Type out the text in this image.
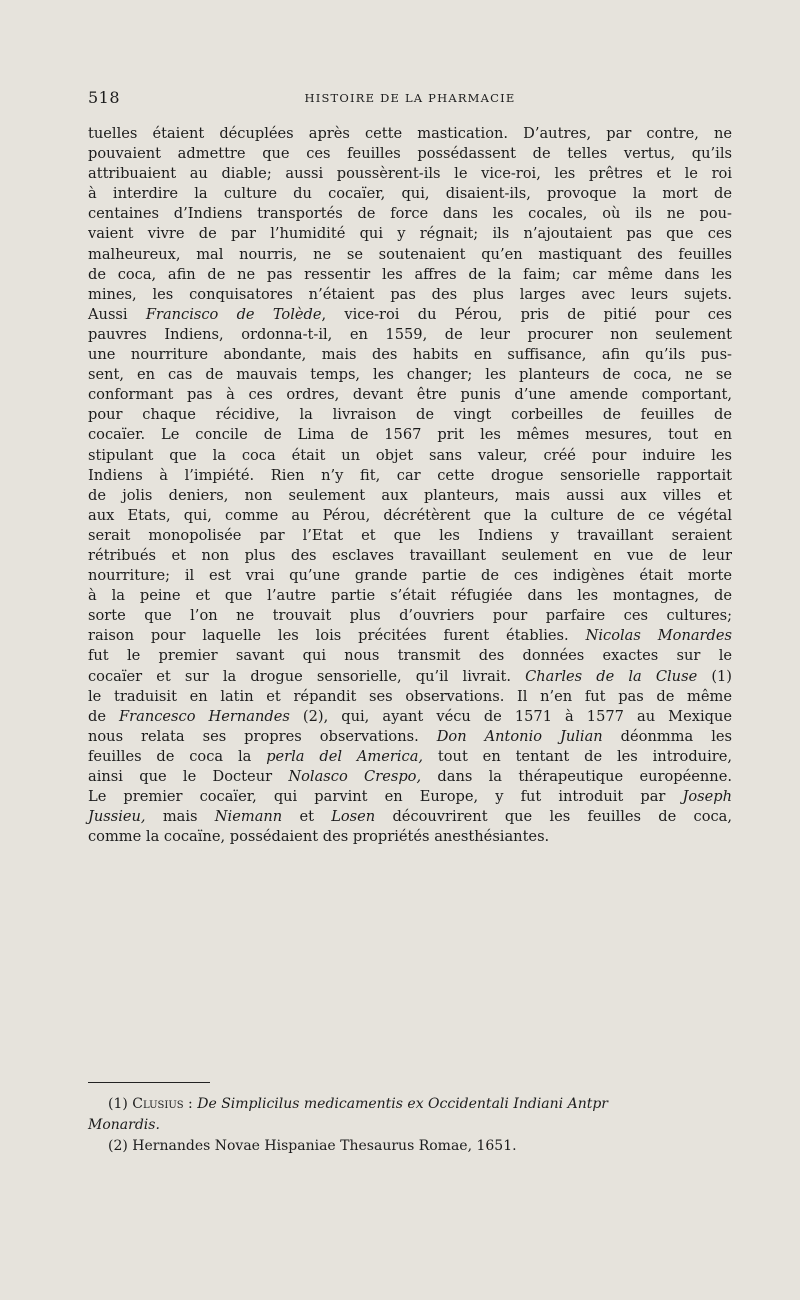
518	HISTOIRE DE LA PHARMACIE
tuelles étaient décuplées après cette mastication. D’autres, par contre, ne
pouvaient admettre que ces feuilles possédassent de telles vertus, qu’ils
attribuaient au diable; aussi poussèrent-ils le vice-roi, les prêtres et le roi
à interdire la culture du cocaïer, qui, disaient-ils, provoque la mort de
centaines d’Indiens transportés de force dans les cocales, où ils ne pou-
vaient vivre de par l’humidité qui y régnait; ils n’ajoutaient pas que ces
malheureux, mal nourris, ne se soutenaient qu’en mastiquant des feuilles
de coca, afin de ne pas ressentir les affres de la faim; car même dans les
mines, les conquisatores n’étaient pas des plus larges avec leurs sujets.
Aussi Francisco de Tolède, vice-roi du Pérou, pris de pitié pour ces
pauvres Indiens, ordonna-t-il, en 1559, de leur procurer non seulement
une nourriture abondante, mais des habits en suffisance, afin qu’ils pus-
sent, en cas de mauvais temps, les changer; les planteurs de coca, ne se
conformant pas à ces ordres, devant être punis d’une amende comportant,
pour chaque récidive, la livraison de vingt corbeilles de feuilles de
cocaïer. Le concile de Lima de 1567 prit les mêmes mesures, tout en
stipulant que la coca était un objet sans valeur, créé pour induire les
Indiens à l’impiété. Rien n’y fit, car cette drogue sensorielle rapportait
de jolis deniers, non seulement aux planteurs, mais aussi aux villes et
aux Etats, qui, comme au Pérou, décrétèrent que la culture de ce végétal
serait monopolisée par l’Etat et que les Indiens y travaillant seraient
rétribués et non plus des esclaves travaillant seulement en vue de leur
nourriture; il est vrai qu’une grande partie de ces indigènes était morte
à la peine et que l’autre partie s’était réfugiée dans les montagnes, de
sorte que l’on ne trouvait plus d’ouvriers pour parfaire ces cultures;
raison pour laquelle les lois précitées furent établies. Nicolas Monardes
fut le premier savant qui nous transmit des données exactes sur le
cocaïer et sur la drogue sensorielle, qu’il livrait. Charles de la Cluse (1)
le traduisit en latin et répandit ses observations. Il n’en fut pas de même
de Francesco Hernandes (2), qui, ayant vécu de 1571 à 1577 au Mexique
nous relata ses propres observations. Don Antonio Julian déonmma les
feuilles de coca la perla del America, tout en tentant de les introduire,
ainsi que le Docteur Nolasco Crespo, dans la thérapeutique européenne.
Le premier cocaïer, qui parvint en Europe, y fut introduit par Joseph
Jussieu, mais Niemann et Losen découvrirent que les feuilles de coca,
comme la cocaïne, possédaient des propriétés anesthésiantes.
(1) Clusius : De Simplicilus medicamentis ex Occidentali Indiani Antpr
Monardis.
(2) Hernandes Novae Hispaniae Thesaurus Romae, 1651.
